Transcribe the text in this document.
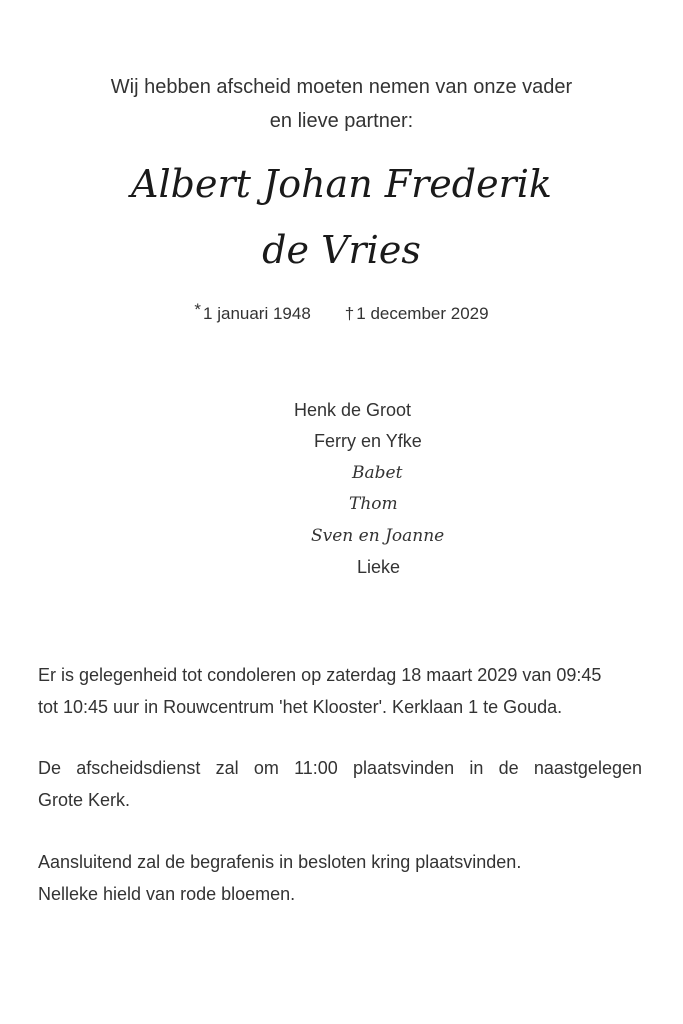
Wij hebben afscheid moeten nemen van onze vader
en lieve partner:
Albert Johan Frederik
de Vries
* 1 januari 1948 † 1 december 2029
Henk de Groot
Ferry en Yfke
Babet
Thom
Sven en Joanne
Lieke
Er is gelegenheid tot condoleren op zaterdag 18 maart 2029 van 09:45
tot 10:45 uur in Rouwcentrum 'het Klooster'. Kerklaan 1 te Gouda.
De afscheidsdienst zal om 11:00 plaatsvinden in de naastgelegen
Grote Kerk.
Aansluitend zal de begrafenis in besloten kring plaatsvinden.
Nelleke hield van rode bloemen.
